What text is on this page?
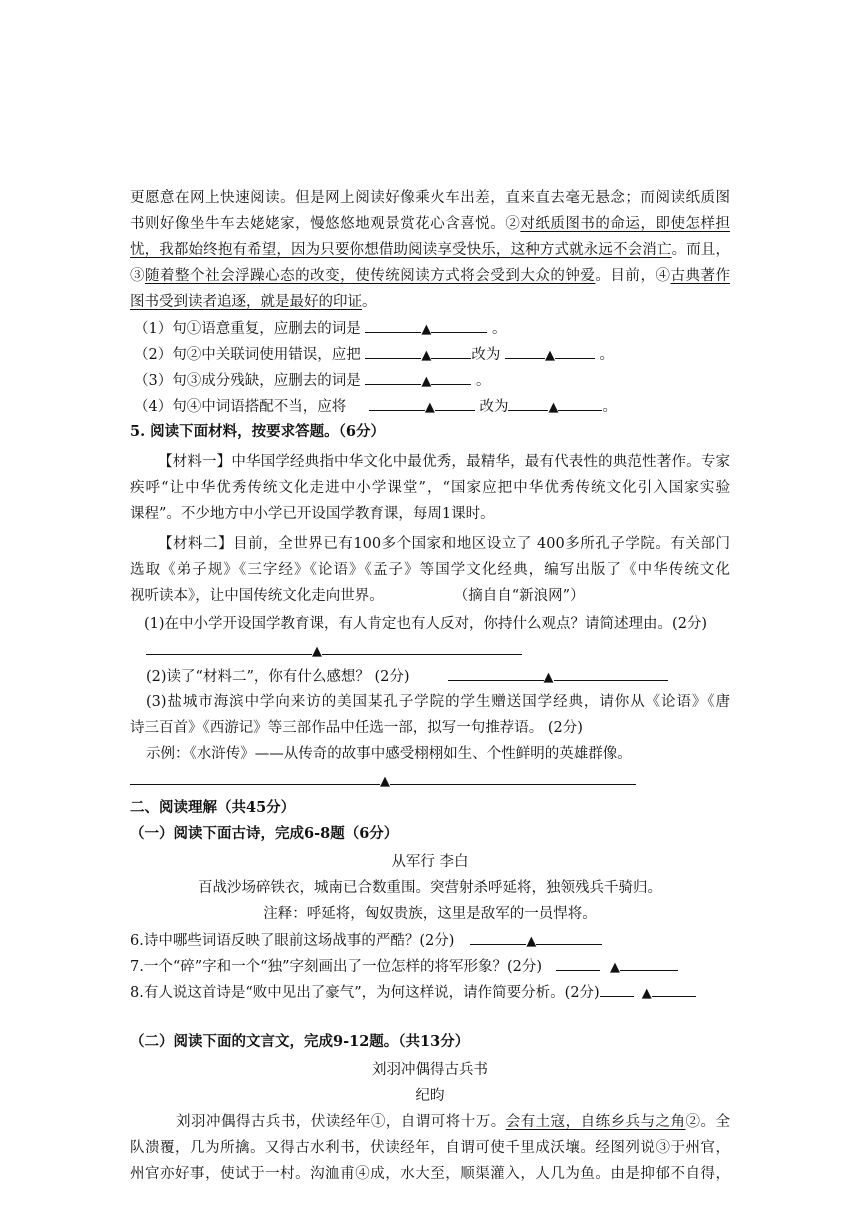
更愿意在网上快速阅读。但是网上阅读好像乘火车出差，直来直去毫无悬念；而阅读纸质图
书则好像坐牛车去姥姥家，慢悠悠地观景赏花心含喜悦。②对纸质图书的命运，即使怎样担
忧，我都始终抱有希望，因为只要你想借助阅读享受快乐，这种方式就永远不会消亡。而且，
③随着整个社会浮躁心态的改变，使传统阅读方式将会受到大众的钟爱。目前，④古典著作
图书受到读者追逐，就是最好的印证。
（1）句①语意重复，应删去的词是	▲	。
（2）句②中关联词使用错误，应把	▲	改为	▲	。
（3）句③成分残缺，应删去的词是	▲	。
（4）句④中词语搭配不当，应将	▲	改为	▲	。
5. 阅读下面材料，按要求答题。（6分）
【材料一】中华国学经典指中华文化中最优秀，最精华，最有代表性的典范性著作。专家
疾呼“让中华优秀传统文化走进中小学课堂”，“国家应把中华优秀传统文化引入国家实验
课程”。不少地方中小学已开设国学教育课，每周1课时。
【材料二】目前，全世界已有100多个国家和地区设立了 400多所孔子学院。有关部门
选取《弟子规》《三字经》《论语》《孟子》等国学文化经典，编写出版了《中华传统文化
视听读本》，让中国传统文化走向世界。	（摘自自“新浪网”）
(1)在中小学开设国学教育课，有人肯定也有人反对，你持什么观点？请简述理由。(2分)
▲
(2)读了“材料二”，你有什么感想？ (2分)	▲
(3)盐城市海滨中学向来访的美国某孔子学院的学生赠送国学经典，请你从《论语》《唐
诗三百首》《西游记》等三部作品中任选一部，拟写一句推荐语。 (2分)
示例：《水浒传》——从传奇的故事中感受栩栩如生、个性鲜明的英雄群像。
▲
二、阅读理解（共45分）
（一）阅读下面古诗，完成6-8题（6分）
从军行 李白
百战沙场碎铁衣，城南已合数重围。突营射杀呼延将，独领残兵千骑归。
注释：呼延将，匈奴贵族，这里是敌军的一员悍将。
6.诗中哪些词语反映了眼前这场战事的严酷？(2分)	▲
7.一个“碎”字和一个“独”字刻画出了一位怎样的将军形象？(2分)	▲
8.有人说这首诗是“败中见出了豪气”，为何这样说，请作简要分析。(2分)	▲
（二）阅读下面的文言文，完成9-12题。（共13分）
刘羽冲偶得古兵书
纪昀
刘羽冲偶得古兵书，伏读经年①，自谓可将十万。会有土寇，自练乡兵与之角②。全
队溃覆，几为所擒。又得古水利书，伏读经年，自谓可使千里成沃壤。经图列说③于州官，
州官亦好事，使试于一村。沟洫甫④成，水大至，顺渠灌入，人几为鱼。由是抑郁不自得，
